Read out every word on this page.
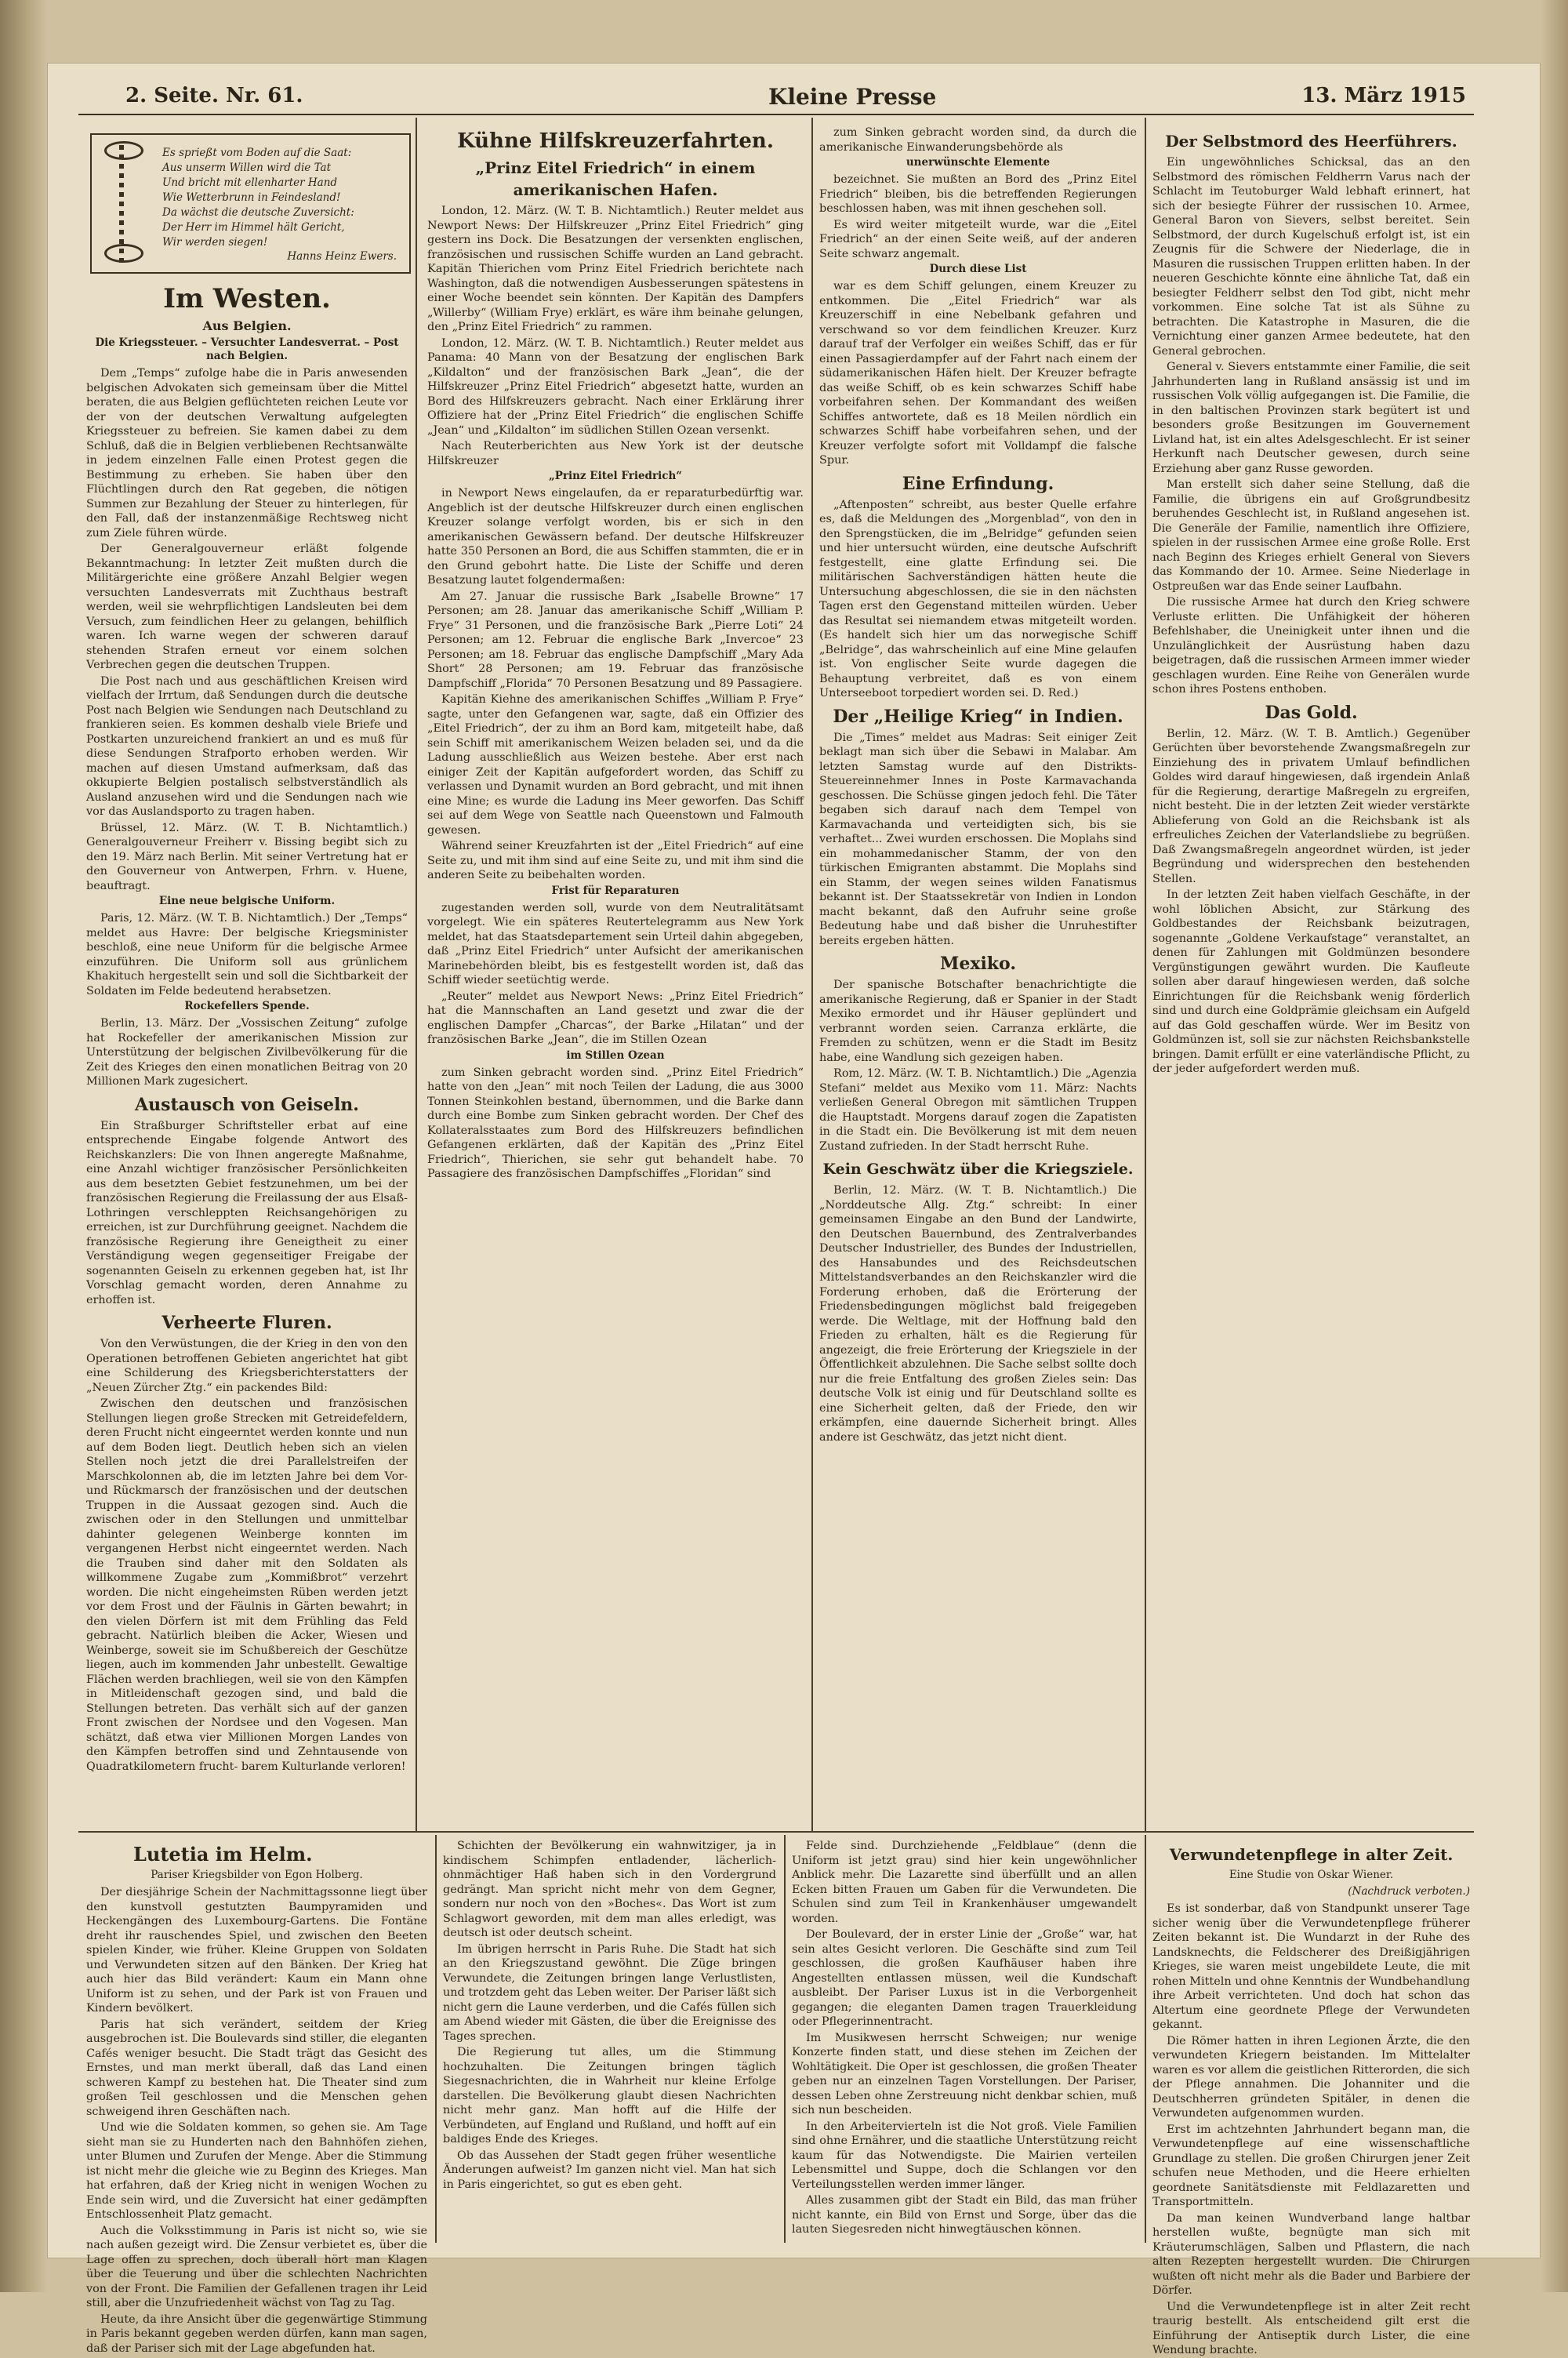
2. Seite. Nr. 61.	Kleine Presse	13. März 1915
Es sprießt vom Boden auf die Saat:
Aus unserm Willen wird die Tat
Und bricht mit ellenharter Hand
Wie Wetterbrunn in Feindesland!
Da wächst die deutsche Zuversicht:
Der Herr im Himmel hält Gericht,
Wir werden siegen!
Hanns Heinz Ewers.
Im Westen.
Aus Belgien.
Die Kriegssteuer. – Versuchter Landesverrat. – Post nach Belgien.

Dem „Temps“ zufolge habe die in Paris anwesenden belgischen Advokaten sich gemeinsam über die Mittel beraten, die aus Belgien geflüchteten reichen Leute vor der von der deutschen Verwaltung aufgelegten Kriegssteuer zu befreien. Sie kamen dabei zu dem Schluß, daß die in Belgien verbliebenen Rechtsanwälte in jedem einzelnen Falle einen Protest gegen die Bestimmung zu erheben. Sie haben über den Flüchtlingen durch den Rat gegeben, die nötigen Summen zur Bezahlung der Steuer zu hinterlegen, für den Fall, daß der instanzenmäßige Rechtsweg nicht zum Ziele führen würde.

Der Generalgouverneur erläßt folgende Bekanntmachung: In letzter Zeit mußten durch die Militärgerichte eine größere Anzahl Belgier wegen versuchten Landesverrats mit Zuchthaus bestraft werden, weil sie wehrpflichtigen Landsleuten bei dem Versuch, zum feindlichen Heer zu gelangen, behilflich waren. Ich warne wegen der schweren darauf stehenden Strafen erneut vor einem solchen Verbrechen gegen die deutschen Truppen.

Die Post nach und aus geschäftlichen Kreisen wird vielfach der Irrtum, daß Sendungen durch die deutsche Post nach Belgien wie Sendungen nach Deutschland zu frankieren seien. Es kommen deshalb viele Briefe und Postkarten unzureichend frankiert an und es muß für diese Sendungen Strafporto erhoben werden. Wir machen auf diesen Umstand aufmerksam, daß das okkupierte Belgien postalisch selbstverständlich als Ausland anzusehen wird und die Sendungen nach wie vor das Auslandsporto zu tragen haben.

Brüssel, 12. März. (W. T. B. Nichtamtlich.) Generalgouverneur Freiherr v. Bissing begibt sich zu den 19. März nach Berlin. Mit seiner Vertretung hat er den Gouverneur von Antwerpen, Frhrn. v. Huene, beauftragt.

Eine neue belgische Uniform.

Paris, 12. März. (W. T. B. Nichtamtlich.) Der „Temps“ meldet aus Havre: Der belgische Kriegsminister beschloß, eine neue Uniform für die belgische Armee einzuführen. Die Uniform soll aus grünlichem Khakituch hergestellt sein und soll die Sichtbarkeit der Soldaten im Felde bedeutend herabsetzen.

Rockefellers Spende.

Berlin, 13. März. Der „Vossischen Zeitung“ zufolge hat Rockefeller der amerikanischen Mission zur Unterstützung der belgischen Zivilbevölkerung für die Zeit des Krieges den einen monatlichen Beitrag von 20 Millionen Mark zugesichert.

Austausch von Geiseln.

Ein Straßburger Schriftsteller erbat auf eine entsprechende Eingabe folgende Antwort des Reichskanzlers: Die von Ihnen angeregte Maßnahme, eine Anzahl wichtiger französischer Persönlichkeiten aus dem besetzten Gebiet festzunehmen, um bei der französischen Regierung die Freilassung der aus Elsaß-Lothringen verschleppten Reichsangehörigen zu erreichen, ist zur Durchführung geeignet. Nachdem die französische Regierung ihre Geneigtheit zu einer Verständigung wegen gegenseitiger Freigabe der sogenannten Geiseln zu erkennen gegeben hat, ist Ihr Vorschlag gemacht worden, deren Annahme zu erhoffen ist.

Verheerte Fluren.

Von den Verwüstungen, die der Krieg in den von den Operationen betroffenen Gebieten angerichtet hat gibt eine Schilderung des Kriegsberichterstatters der „Neuen Zürcher Ztg.“ ein packendes Bild:

Zwischen den deutschen und französischen Stellungen liegen große Strecken mit Getreidefeldern, deren Frucht nicht eingeerntet werden konnte und nun auf dem Boden liegt. Deutlich heben sich an vielen Stellen noch jetzt die drei Parallelstreifen der Marschkolonnen ab, die im letzten Jahre bei dem Vor- und Rückmarsch der französischen und der deutschen Truppen in die Aussaat gezogen sind. Auch die zwischen oder in den Stellungen und unmittelbar dahinter gelegenen Weinberge konnten im vergangenen Herbst nicht eingeerntet werden. Nach die Trauben sind daher mit den Soldaten als willkommene Zugabe zum „Kommißbrot“ verzehrt worden. Die nicht eingeheimsten Rüben werden jetzt vor dem Frost und der Fäulnis in Gärten bewahrt; in den vielen Dörfern ist mit dem Frühling das Feld gebracht. Natürlich bleiben die Acker, Wiesen und Weinberge, soweit sie im Schußbereich der Geschütze liegen, auch im kommenden Jahr unbestellt. Gewaltige Flächen werden brachliegen, weil sie von den Kämpfen in Mitleidenschaft gezogen sind, und bald die Stellungen betreten. Das verhält sich auf der ganzen Front zwischen der Nordsee und den Vogesen. Man schätzt, daß etwa vier Millionen Morgen Landes von den Kämpfen betroffen sind und Zehntausende von Quadratkilometern frucht‐ barem Kulturlande verloren!

Kühne Hilfskreuzerfahrten.
„Prinz Eitel Friedrich“ in einem amerikanischen Hafen.

London, 12. März. (W. T. B. Nichtamtlich.) Reuter meldet aus Newport News: Der Hilfskreuzer „Prinz Eitel Friedrich“ ging gestern ins Dock. Die Besatzungen der versenkten englischen, französischen und russischen Schiffe wurden an Land gebracht. Kapitän Thierichen vom Prinz Eitel Friedrich berichtete nach Washington, daß die notwendigen Ausbesserungen spätestens in einer Woche beendet sein könnten. Der Kapitän des Dampfers „Willerby“ (William Frye) erklärt, es wäre ihm beinahe gelungen, den „Prinz Eitel Friedrich“ zu rammen.

London, 12. März. (W. T. B. Nichtamtlich.) Reuter meldet aus Panama: 40 Mann von der Besatzung der englischen Bark „Kildalton“ und der französischen Bark „Jean“, die der Hilfskreuzer „Prinz Eitel Friedrich“ abgesetzt hatte, wurden an Bord des Hilfskreuzers gebracht. Nach einer Erklärung ihrer Offiziere hat der „Prinz Eitel Friedrich“ die englischen Schiffe „Jean“ und „Kildalton“ im südlichen Stillen Ozean versenkt.

Nach Reuterberichten aus New York ist der deutsche Hilfskreuzer

„Prinz Eitel Friedrich“

in Newport News eingelaufen, da er reparaturbedürftig war. Angeblich ist der deutsche Hilfskreuzer durch einen englischen Kreuzer solange verfolgt worden, bis er sich in den amerikanischen Gewässern befand. Der deutsche Hilfskreuzer hatte 350 Personen an Bord, die aus Schiffen stammten, die er in den Grund gebohrt hatte. Die Liste der Schiffe und deren Besatzung lautet folgendermaßen:

Am 27. Januar die russische Bark „Isabelle Browne“ 17 Personen; am 28. Januar das amerikanische Schiff „William P. Frye“ 31 Personen, und die französische Bark „Pierre Loti“ 24 Personen; am 12. Februar die englische Bark „Invercoe“ 23 Personen; am 18. Februar das englische Dampfschiff „Mary Ada Short“ 28 Personen; am 19. Februar das französische Dampfschiff „Florida“ 70 Personen Besatzung und 89 Passagiere.

Kapitän Kiehne des amerikanischen Schiffes „William P. Frye“ sagte, unter den Gefangenen war, sagte, daß ein Offizier des „Eitel Friedrich“, der zu ihm an Bord kam, mitgeteilt habe, daß sein Schiff mit amerikanischem Weizen beladen sei, und da die Ladung ausschließlich aus Weizen bestehe. Aber erst nach einiger Zeit der Kapitän aufgefordert worden, das Schiff zu verlassen und Dynamit wurden an Bord gebracht, und mit ihnen eine Mine; es wurde die Ladung ins Meer geworfen. Das Schiff sei auf dem Wege von Seattle nach Queenstown und Falmouth gewesen.

Während seiner Kreuzfahrten ist der „Eitel Friedrich“ auf eine Seite zu, und mit ihm sind auf eine Seite zu, und mit ihm sind die anderen Seite zu beibehalten worden.

Frist für Reparaturen

zugestanden werden soll, wurde von dem Neutralitätsamt vorgelegt. Wie ein späteres Reutertelegramm aus New York meldet, hat das Staatsdepartement sein Urteil dahin abgegeben, daß „Prinz Eitel Friedrich“ unter Aufsicht der amerikanischen Marinebehörden bleibt, bis es festgestellt worden ist, daß das Schiff wieder seetüchtig werde.

„Reuter“ meldet aus Newport News: „Prinz Eitel Friedrich“ hat die Mannschaften an Land gesetzt und zwar die der englischen Dampfer „Charcas“, der Barke „Hilatan“ und der französischen Barke „Jean“, die im Stillen Ozean

im Stillen Ozean

zum Sinken gebracht worden sind. „Prinz Eitel Friedrich“ hatte von den „Jean“ mit noch Teilen der Ladung, die aus 3000 Tonnen Steinkohlen bestand, übernommen, und die Barke dann durch eine Bombe zum Sinken gebracht worden. Der Chef des Kollateralsstaates zum Bord des Hilfskreuzers befindlichen Gefangenen erklärten, daß der Kapitän des „Prinz Eitel Friedrich“, Thierichen, sie sehr gut behandelt habe. 70 Passagiere des französischen Dampfschiffes „Floridan“ sind

zum Sinken gebracht worden sind, da durch die amerikanische Einwanderungsbehörde als

unerwünschte Elemente

bezeichnet. Sie mußten an Bord des „Prinz Eitel Friedrich“ bleiben, bis die betreffenden Regierungen beschlossen haben, was mit ihnen geschehen soll.

Es wird weiter mitgeteilt wurde, war die „Eitel Friedrich“ an der einen Seite weiß, auf der anderen Seite schwarz angemalt.

Durch diese List

war es dem Schiff gelungen, einem Kreuzer zu entkommen. Die „Eitel Friedrich“ war als Kreuzerschiff in eine Nebelbank gefahren und verschwand so vor dem feindlichen Kreuzer. Kurz darauf traf der Verfolger ein weißes Schiff, das er für einen Passagierdampfer auf der Fahrt nach einem der südamerikanischen Häfen hielt. Der Kreuzer befragte das weiße Schiff, ob es kein schwarzes Schiff habe vorbeifahren sehen. Der Kommandant des weißen Schiffes antwortete, daß es 18 Meilen nördlich ein schwarzes Schiff habe vorbeifahren sehen, und der Kreuzer verfolgte sofort mit Volldampf die falsche Spur.

Eine Erfindung.

„Aftenposten“ schreibt, aus bester Quelle erfahre es, daß die Meldungen des „Morgenblad“, von den in den Sprengstücken, die im „Belridge“ gefunden seien und hier untersucht würden, eine deutsche Aufschrift festgestellt, eine glatte Erfindung sei. Die militärischen Sachverständigen hätten heute die Untersuchung abgeschlossen, die sie in den nächsten Tagen erst den Gegenstand mitteilen würden. Ueber das Resultat sei niemandem etwas mitgeteilt worden. (Es handelt sich hier um das norwegische Schiff „Belridge“, das wahrscheinlich auf eine Mine gelaufen ist. Von englischer Seite wurde dagegen die Behauptung verbreitet, daß es von einem Unterseeboot torpediert worden sei. D. Red.)

Der „Heilige Krieg“ in Indien.

Die „Times“ meldet aus Madras: Seit einiger Zeit beklagt man sich über die Sebawi in Malabar. Am letzten Samstag wurde auf den Distrikts-Steuereinnehmer Innes in Poste Karmavachanda geschossen. Die Schüsse gingen jedoch fehl. Die Täter begaben sich darauf nach dem Tempel von Karmavachanda und verteidigten sich, bis sie verhaftet... Zwei wurden erschossen. Die Moplahs sind ein mohammedanischer Stamm, der von den türkischen Emigranten abstammt. Die Moplahs sind ein Stamm, der wegen seines wilden Fanatismus bekannt ist. Der Staatssekretär von Indien in London macht bekannt, daß den Aufruhr seine große Bedeutung habe und daß bisher die Unruhestifter bereits ergeben hätten.

Mexiko.

Der spanische Botschafter benachrichtigte die amerikanische Regierung, daß er Spanier in der Stadt Mexiko ermordet und ihr Häuser geplündert und verbrannt worden seien. Carranza erklärte, die Fremden zu schützen, wenn er die Stadt im Besitz habe, eine Wandlung sich gezeigen haben.

Rom, 12. März. (W. T. B. Nichtamtlich.) Die „Agenzia Stefani“ meldet aus Mexiko vom 11. März: Nachts verließen General Obregon mit sämtlichen Truppen die Hauptstadt. Morgens darauf zogen die Zapatisten in die Stadt ein. Die Bevölkerung ist mit dem neuen Zustand zufrieden. In der Stadt herrscht Ruhe.

Kein Geschwätz über die Kriegsziele.

Berlin, 12. März. (W. T. B. Nichtamtlich.) Die „Norddeutsche Allg. Ztg.“ schreibt: In einer gemeinsamen Eingabe an den Bund der Landwirte, den Deutschen Bauernbund, des Zentralverbandes Deutscher Industrieller, des Bundes der Industriellen, des Hansabundes und des Reichsdeutschen Mittelstandsverbandes an den Reichskanzler wird die Forderung erhoben, daß die Erörterung der Friedensbedingungen möglichst bald freigegeben werde. Die Weltlage, mit der Hoffnung bald den Frieden zu erhalten, hält es die Regierung für angezeigt, die freie Erörterung der Kriegsziele in der Öffentlichkeit abzulehnen. Die Sache selbst sollte doch nur die freie Entfaltung des großen Zieles sein: Das deutsche Volk ist einig und für Deutschland sollte es eine Sicherheit gelten, daß der Friede, den wir erkämpfen, eine dauernde Sicherheit bringt. Alles andere ist Geschwätz, das jetzt nicht dient.

Der Selbstmord des Heerführers.

Ein ungewöhnliches Schicksal, das an den Selbstmord des römischen Feldherrn Varus nach der Schlacht im Teutoburger Wald lebhaft erinnert, hat sich der besiegte Führer der russischen 10. Armee, General Baron von Sievers, selbst bereitet. Sein Selbstmord, der durch Kugelschuß erfolgt ist, ist ein Zeugnis für die Schwere der Niederlage, die in Masuren die russischen Truppen erlitten haben. In der neueren Geschichte könnte eine ähnliche Tat, daß ein besiegter Feldherr selbst den Tod gibt, nicht mehr vorkommen. Eine solche Tat ist als Sühne zu betrachten. Die Katastrophe in Masuren, die die Vernichtung einer ganzen Armee bedeutete, hat den General gebrochen.

General v. Sievers entstammte einer Familie, die seit Jahrhunderten lang in Rußland ansässig ist und im russischen Volk völlig aufgegangen ist. Die Familie, die in den baltischen Provinzen stark begütert ist und besonders große Besitzungen im Gouvernement Livland hat, ist ein altes Adelsgeschlecht. Er ist seiner Herkunft nach Deutscher gewesen, durch seine Erziehung aber ganz Russe geworden.

Man erstellt sich daher seine Stellung, daß die Familie, die übrigens ein auf Großgrundbesitz beruhendes Geschlecht ist, in Rußland angesehen ist. Die Generäle der Familie, namentlich ihre Offiziere, spielen in der russischen Armee eine große Rolle. Erst nach Beginn des Krieges erhielt General von Sievers das Kommando der 10. Armee. Seine Niederlage in Ostpreußen war das Ende seiner Laufbahn.

Die russische Armee hat durch den Krieg schwere Verluste erlitten. Die Unfähigkeit der höheren Befehlshaber, die Uneinigkeit unter ihnen und die Unzulänglichkeit der Ausrüstung haben dazu beigetragen, daß die russischen Armeen immer wieder geschlagen wurden. Eine Reihe von Generälen wurde schon ihres Postens enthoben.

Das Gold.

Berlin, 12. März. (W. T. B. Amtlich.) Gegenüber Gerüchten über bevorstehende Zwangsmaßregeln zur Einziehung des in privatem Umlauf befindlichen Goldes wird darauf hingewiesen, daß irgendein Anlaß für die Regierung, derartige Maßregeln zu ergreifen, nicht besteht. Die in der letzten Zeit wieder verstärkte Ablieferung von Gold an die Reichsbank ist als erfreuliches Zeichen der Vaterlandsliebe zu begrüßen. Daß Zwangsmaßregeln angeordnet würden, ist jeder Begründung und widersprechen den bestehenden Stellen.

In der letzten Zeit haben vielfach Geschäfte, in der wohl löblichen Absicht, zur Stärkung des Goldbestandes der Reichsbank beizutragen, sogenannte „Goldene Verkaufstage“ veranstaltet, an denen für Zahlungen mit Goldmünzen besondere Vergünstigungen gewährt wurden. Die Kaufleute sollen aber darauf hingewiesen werden, daß solche Einrichtungen für die Reichsbank wenig förderlich sind und durch eine Goldprämie gleichsam ein Aufgeld auf das Gold geschaffen würde. Wer im Besitz von Goldmünzen ist, soll sie zur nächsten Reichsbankstelle bringen. Damit erfüllt er eine vaterländische Pflicht, zu der jeder aufgefordert werden muß.

Lutetia im Helm.
Pariser Kriegsbilder von Egon Holberg.

Der diesjährige Schein der Nachmittagssonne liegt über den kunstvoll gestutzten Baumpyramiden und Heckengängen des Luxembourg-Gartens. Die Fontäne dreht ihr rauschendes Spiel, und zwischen den Beeten spielen Kinder, wie früher. Kleine Gruppen von Soldaten und Verwundeten sitzen auf den Bänken. Der Krieg hat auch hier das Bild verändert: Kaum ein Mann ohne Uniform ist zu sehen, und der Park ist von Frauen und Kindern bevölkert.

Paris hat sich verändert, seitdem der Krieg ausgebrochen ist. Die Boulevards sind stiller, die eleganten Cafés weniger besucht. Die Stadt trägt das Gesicht des Ernstes, und man merkt überall, daß das Land einen schweren Kampf zu bestehen hat. Die Theater sind zum großen Teil geschlossen und die Menschen gehen schweigend ihren Geschäften nach.

Und wie die Soldaten kommen, so gehen sie. Am Tage sieht man sie zu Hunderten nach den Bahnhöfen ziehen, unter Blumen und Zurufen der Menge. Aber die Stimmung ist nicht mehr die gleiche wie zu Beginn des Krieges. Man hat erfahren, daß der Krieg nicht in wenigen Wochen zu Ende sein wird, und die Zuversicht hat einer gedämpften Entschlossenheit Platz gemacht.

Auch die Volksstimmung in Paris ist nicht so, wie sie nach außen gezeigt wird. Die Zensur verbietet es, über die Lage offen zu sprechen, doch überall hört man Klagen über die Teuerung und über die schlechten Nachrichten von der Front. Die Familien der Gefallenen tragen ihr Leid still, aber die Unzufriedenheit wächst von Tag zu Tag.

Heute, da ihre Ansicht über die gegenwärtige Stimmung in Paris bekannt gegeben werden dürfen, kann man sagen, daß der Pariser sich mit der Lage abgefunden hat.

Schichten der Bevölkerung ein wahnwitziger, ja in kindischem Schimpfen entladender, lächerlich-ohnmächtiger Haß haben sich in den Vordergrund gedrängt. Man spricht nicht mehr von dem Gegner, sondern nur noch von den »Boches«. Das Wort ist zum Schlagwort geworden, mit dem man alles erledigt, was deutsch ist oder deutsch scheint.

Im übrigen herrscht in Paris Ruhe. Die Stadt hat sich an den Kriegszustand gewöhnt. Die Züge bringen Verwundete, die Zeitungen bringen lange Verlustlisten, und trotzdem geht das Leben weiter. Der Pariser läßt sich nicht gern die Laune verderben, und die Cafés füllen sich am Abend wieder mit Gästen, die über die Ereignisse des Tages sprechen.

Die Regierung tut alles, um die Stimmung hochzuhalten. Die Zeitungen bringen täglich Siegesnachrichten, die in Wahrheit nur kleine Erfolge darstellen. Die Bevölkerung glaubt diesen Nachrichten nicht mehr ganz. Man hofft auf die Hilfe der Verbündeten, auf England und Rußland, und hofft auf ein baldiges Ende des Krieges.

Ob das Aussehen der Stadt gegen früher wesentliche Änderungen aufweist? Im ganzen nicht viel. Man hat sich in Paris eingerichtet, so gut es eben geht.

Felde sind. Durchziehende „Feldblaue“ (denn die Uniform ist jetzt grau) sind hier kein ungewöhnlicher Anblick mehr. Die Lazarette sind überfüllt und an allen Ecken bitten Frauen um Gaben für die Verwundeten. Die Schulen sind zum Teil in Krankenhäuser umgewandelt worden.

Der Boulevard, der in erster Linie der „Große“ war, hat sein altes Gesicht verloren. Die Geschäfte sind zum Teil geschlossen, die großen Kaufhäuser haben ihre Angestellten entlassen müssen, weil die Kundschaft ausbleibt. Der Pariser Luxus ist in die Verborgenheit gegangen; die eleganten Damen tragen Trauerkleidung oder Pflegerinnentracht.

Im Musikwesen herrscht Schweigen; nur wenige Konzerte finden statt, und diese stehen im Zeichen der Wohltätigkeit. Die Oper ist geschlossen, die großen Theater geben nur an einzelnen Tagen Vorstellungen. Der Pariser, dessen Leben ohne Zerstreuung nicht denkbar schien, muß sich nun bescheiden.

In den Arbeitervierteln ist die Not groß. Viele Familien sind ohne Ernährer, und die staatliche Unterstützung reicht kaum für das Notwendigste. Die Mairien verteilen Lebensmittel und Suppe, doch die Schlangen vor den Verteilungsstellen werden immer länger.

Alles zusammen gibt der Stadt ein Bild, das man früher nicht kannte, ein Bild von Ernst und Sorge, über das die lauten Siegesreden nicht hinwegtäuschen können.

Verwundetenpflege in alter Zeit.
Eine Studie von Oskar Wiener.
(Nachdruck verboten.)

Es ist sonderbar, daß von Standpunkt unserer Tage sicher wenig über die Verwundetenpflege früherer Zeiten bekannt ist. Die Wundarzt in der Ruhe des Landsknechts, die Feldscherer des Dreißigjährigen Krieges, sie waren meist ungebildete Leute, die mit rohen Mitteln und ohne Kenntnis der Wundbehandlung ihre Arbeit verrichteten. Und doch hat schon das Altertum eine geordnete Pflege der Verwundeten gekannt.

Die Römer hatten in ihren Legionen Ärzte, die den verwundeten Kriegern beistanden. Im Mittelalter waren es vor allem die geistlichen Ritterorden, die sich der Pflege annahmen. Die Johanniter und die Deutschherren gründeten Spitäler, in denen die Verwundeten aufgenommen wurden.

Erst im achtzehnten Jahrhundert begann man, die Verwundetenpflege auf eine wissenschaftliche Grundlage zu stellen. Die großen Chirurgen jener Zeit schufen neue Methoden, und die Heere erhielten geordnete Sanitätsdienste mit Feldlazaretten und Transportmitteln.

Da man keinen Wundverband lange haltbar herstellen wußte, begnügte man sich mit Kräuterumschlägen, Salben und Pflastern, die nach alten Rezepten hergestellt wurden. Die Chirurgen wußten oft nicht mehr als die Bader und Barbiere der Dörfer.

Und die Verwundetenpflege ist in alter Zeit recht traurig bestellt. Als entscheidend gilt erst die Einführung der Antiseptik durch Lister, die eine Wendung brachte.
